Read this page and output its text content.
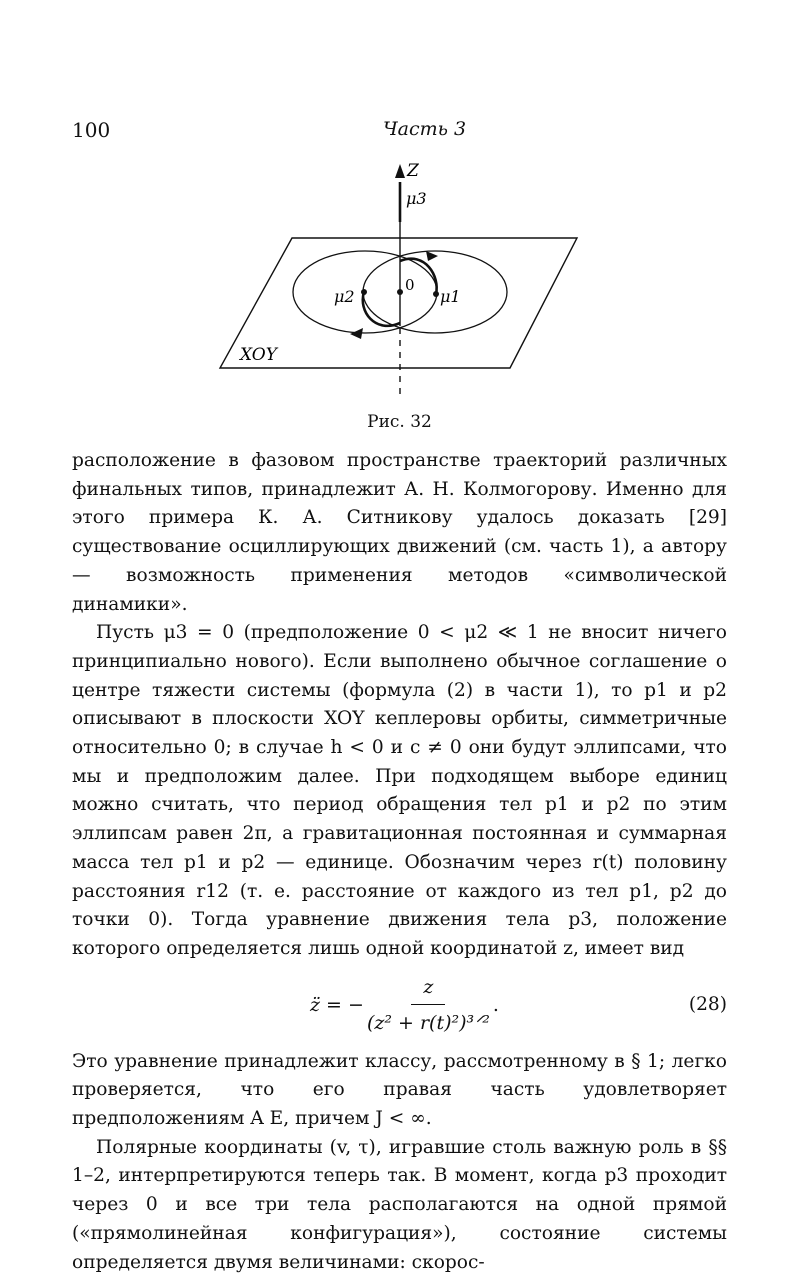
100	Часть 3
Z
μ3
0
μ1
μ2
XOY
Рис. 32

расположение в фазовом пространстве траекторий различных финальных типов, принадлежит А. Н. Колмогорову. Именно для этого примера К. А. Ситникову удалось доказать [29] существование осциллирующих движений (см. часть 1), а автору — возможность применения методов «символической динамики».

Пусть μ3 = 0 (предположение 0 < μ2 ≪ 1 не вносит ничего принципиально нового). Если выполнено обычное соглашение о центре тяжести системы (формула (2) в части 1), то p1 и p2 описывают в плоскости XOY кеплеровы орбиты, симметричные относительно 0; в случае h < 0 и c ≠ 0 они будут эллипсами, что мы и предположим далее. При подходящем выборе единиц можно считать, что период обращения тел p1 и p2 по этим эллипсам равен 2π, а гравитационная постоянная и суммарная масса тел p1 и p2 — единице. Обозначим через r(t) половину расстояния r12 (т. е. расстояние от каждого из тел p1, p2 до точки 0). Тогда уравнение движения тела p3, положение которого определяется лишь одной координатой z, имеет вид

z̈ = − $\frac{z}{\text{(z² + r(t)²)³ᐟ²}}$ .	(28)

Это уравнение принадлежит классу, рассмотренному в § 1; легко проверяется, что его правая часть удовлетворяет предположениям A E, причем J < ∞.

Полярные координаты (v, τ), игравшие столь важную роль в §§ 1–2, интерпретируются теперь так. В момент, когда p3 проходит через 0 и все три тела располагаются на одной прямой («прямолинейная конфигурация»), состояние системы определяется двумя величинами: скорос-
